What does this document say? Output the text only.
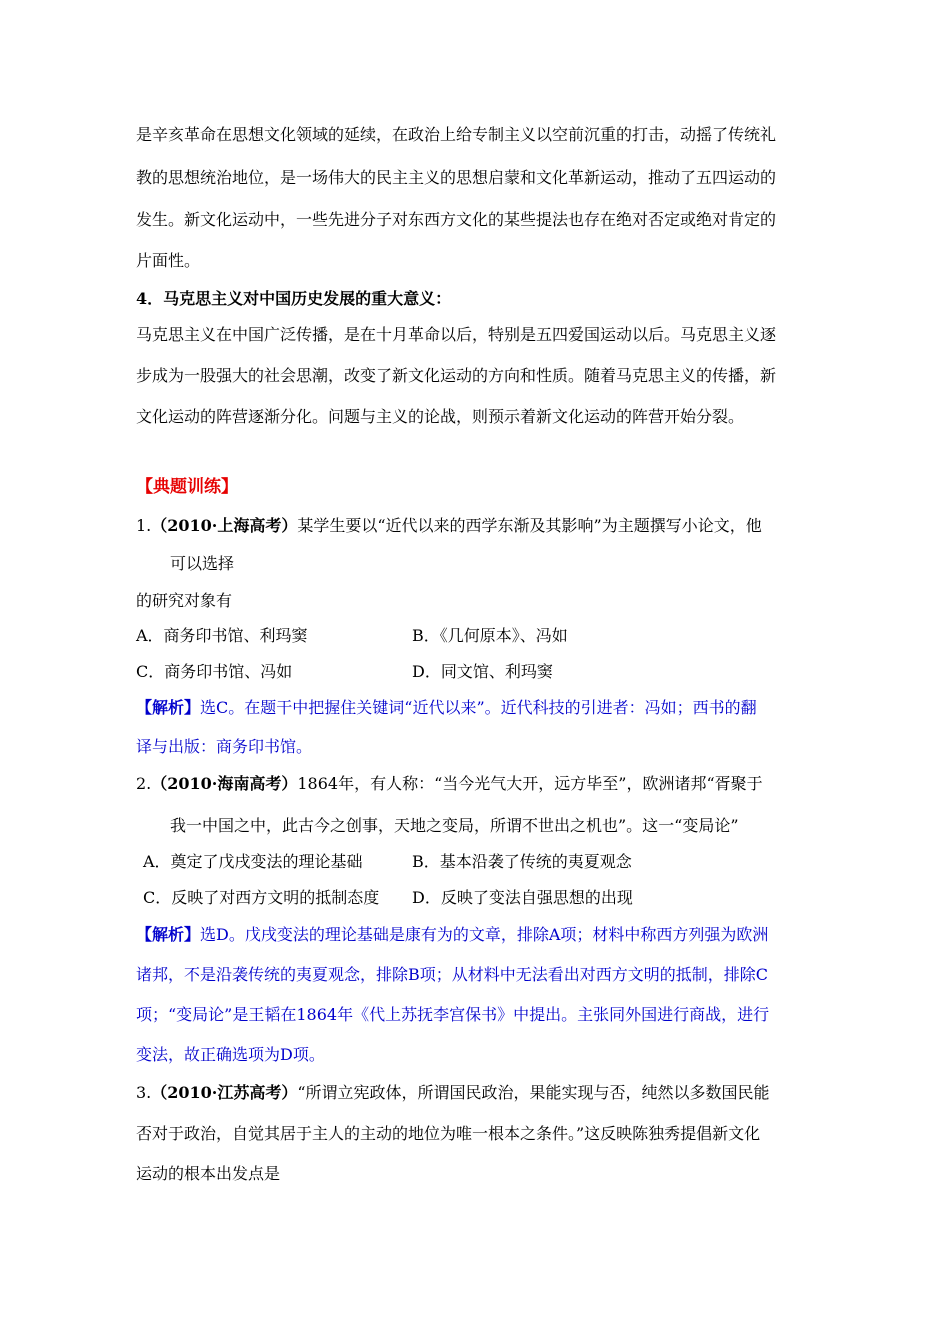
是辛亥革命在思想文化领域的延续，在政治上给专制主义以空前沉重的打击，动摇了传统礼
教的思想统治地位，是一场伟大的民主主义的思想启蒙和文化革新运动，推动了五四运动的
发生。新文化运动中，一些先进分子对东西方文化的某些提法也存在绝对否定或绝对肯定的
片面性。
4．马克思主义对中国历史发展的重大意义：
马克思主义在中国广泛传播，是在十月革命以后，特别是五四爱国运动以后。马克思主义逐
步成为一股强大的社会思潮，改变了新文化运动的方向和性质。随着马克思主义的传播，新
文化运动的阵营逐渐分化。问题与主义的论战，则预示着新文化运动的阵营开始分裂。
【典题训练】
1.（2010·上海高考）某学生要以“近代以来的西学东渐及其影响”为主题撰写小论文，他
可以选择
的研究对象有
A．商务印书馆、利玛窦	B．《几何原本》、冯如
C．商务印书馆、冯如	D．同文馆、利玛窦
【解析】选C。在题干中把握住关键词“近代以来”。近代科技的引进者：冯如；西书的翻
译与出版：商务印书馆。
2.（2010·海南高考）1864年，有人称：“当今光气大开，远方毕至”，欧洲诸邦“胥聚于
我一中国之中，此古今之创事，天地之变局，所谓不世出之机也”。这一“变局论”
A．奠定了戊戌变法的理论基础	B．基本沿袭了传统的夷夏观念
C．反映了对西方文明的抵制态度 D．反映了变法自强思想的出现
【解析】选D。戊戌变法的理论基础是康有为的文章，排除A项；材料中称西方列强为欧洲
诸邦，不是沿袭传统的夷夏观念，排除B项；从材料中无法看出对西方文明的抵制，排除C
项；“变局论”是王韬在1864年《代上苏抚李宫保书》中提出。主张同外国进行商战，进行
变法，故正确选项为D项。
3.（2010·江苏高考）“所谓立宪政体，所谓国民政治，果能实现与否，纯然以多数国民能
否对于政治，自觉其居于主人的主动的地位为唯一根本之条件。”这反映陈独秀提倡新文化
运动的根本出发点是
